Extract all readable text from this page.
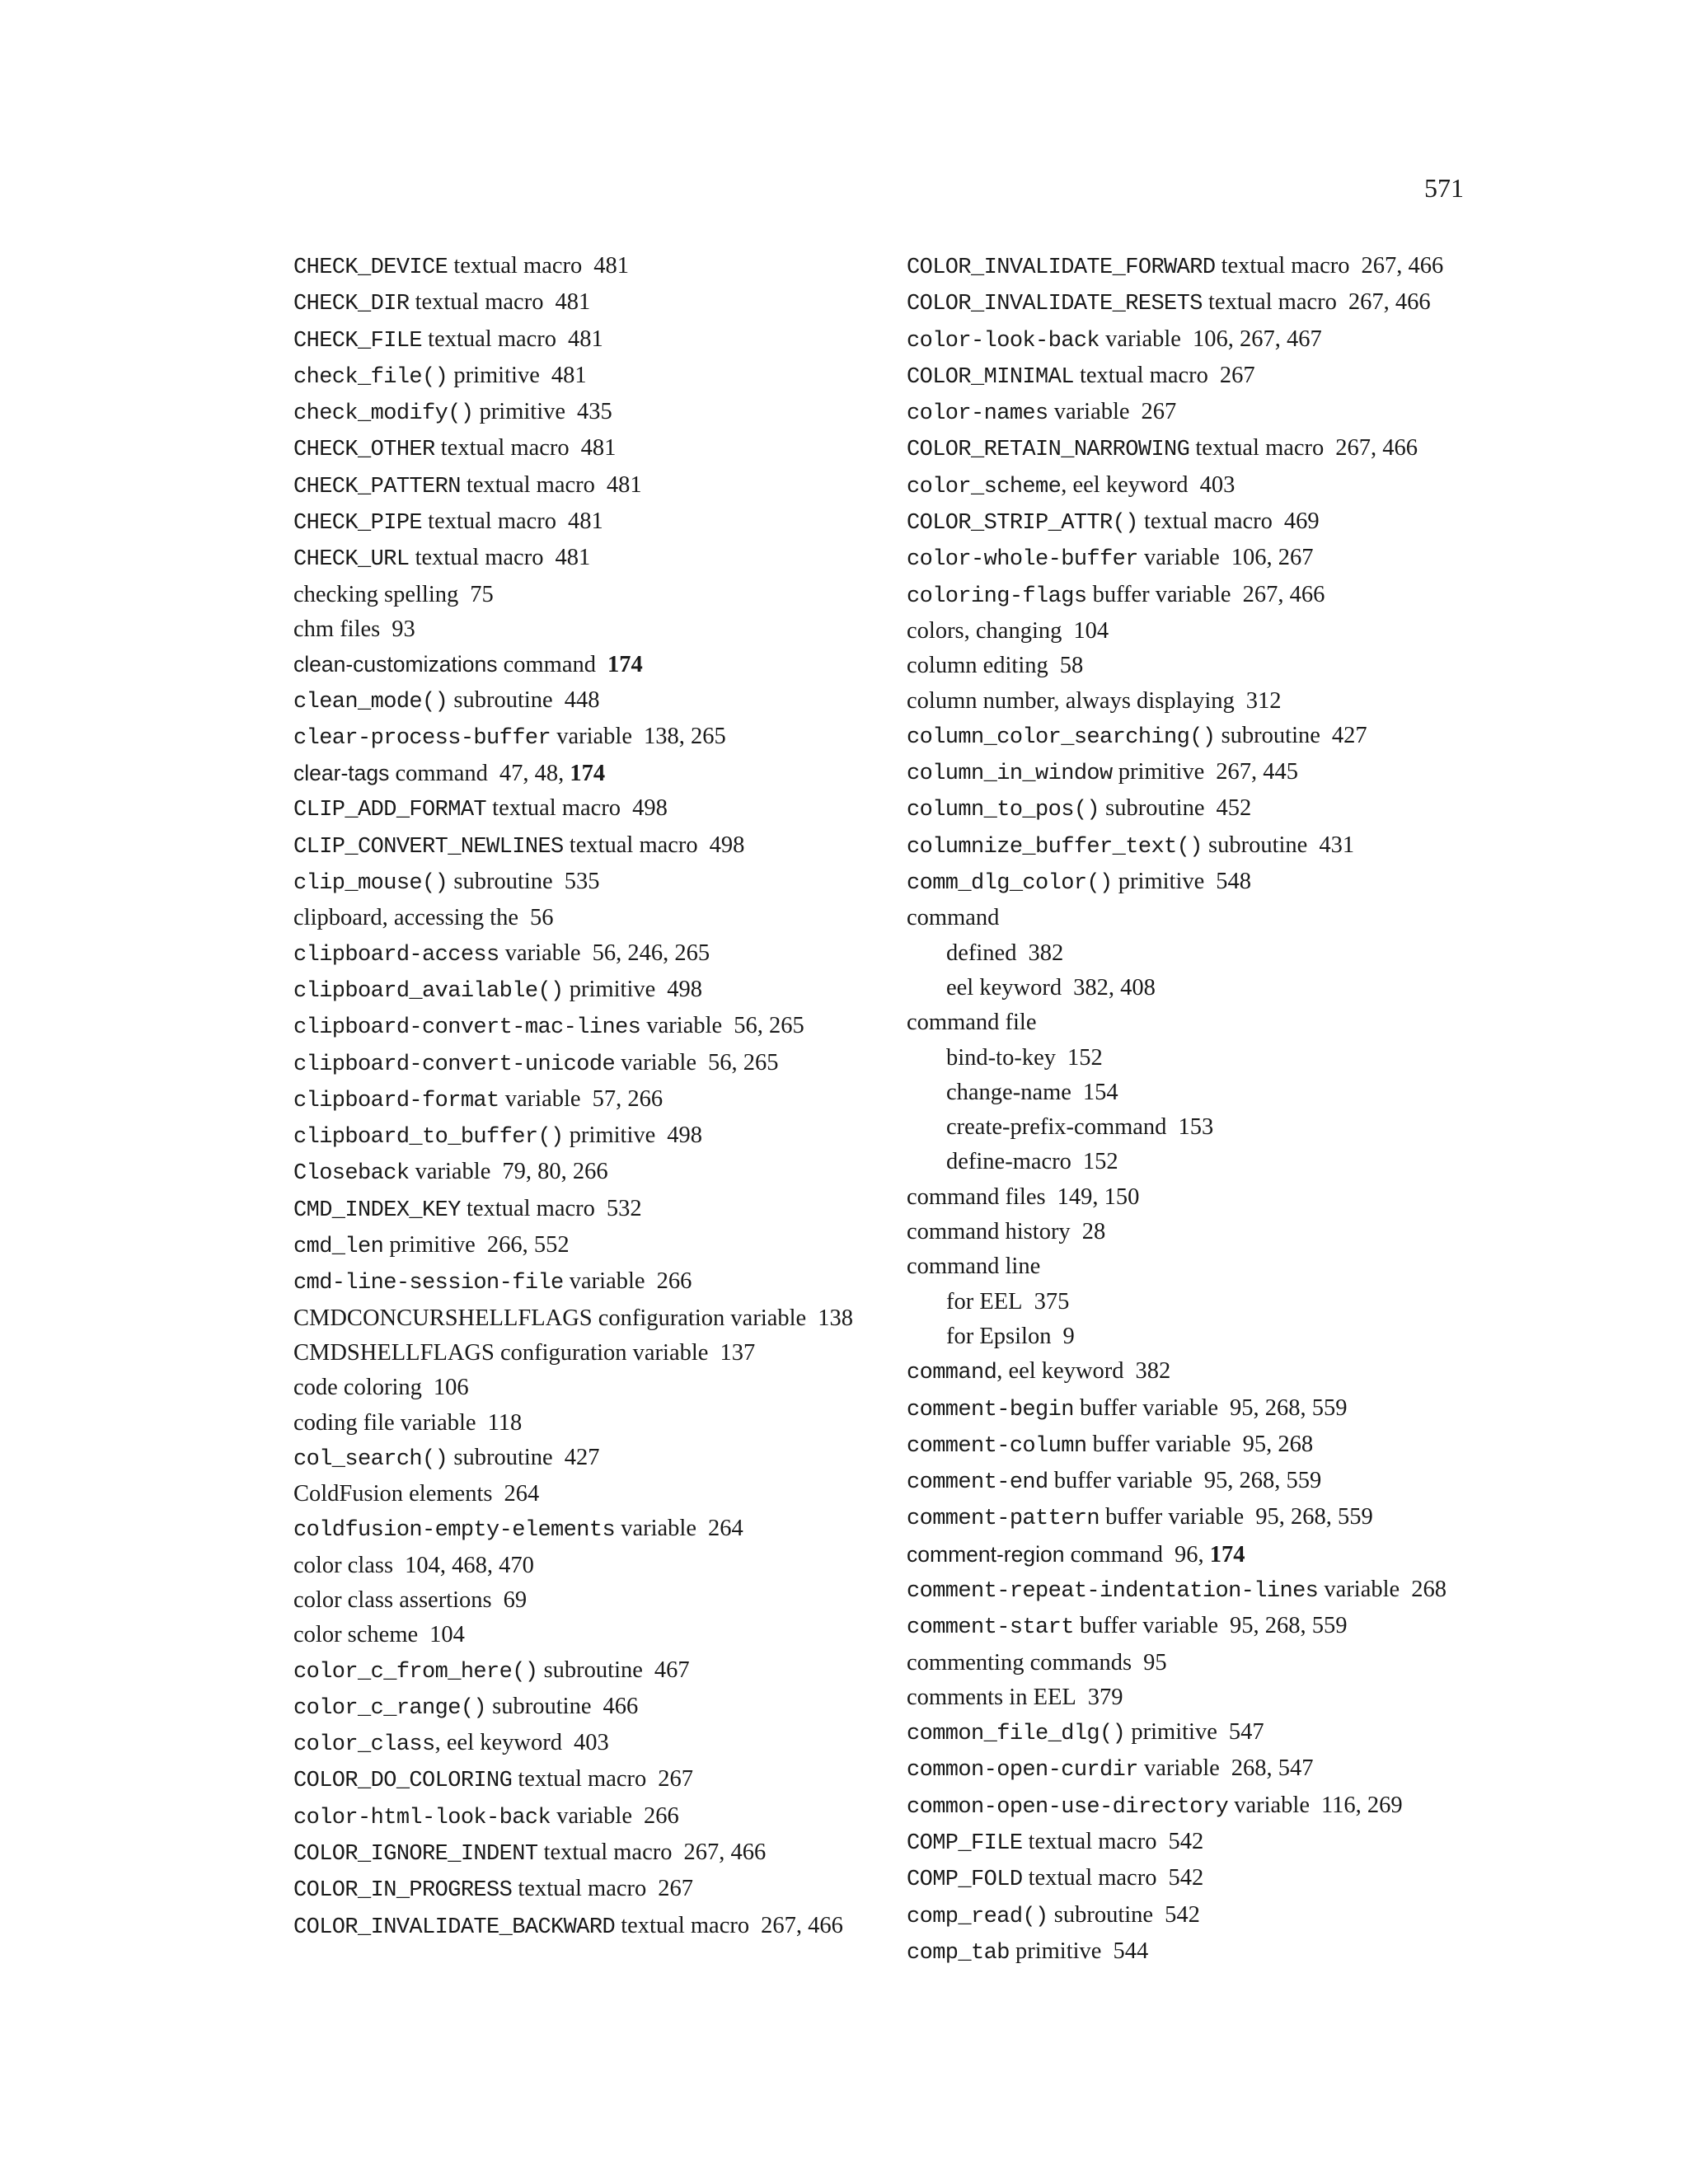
571
CHECK_DEVICE textual macro 481
CHECK_DIR textual macro 481
CHECK_FILE textual macro 481
check_file() primitive 481
check_modify() primitive 435
CHECK_OTHER textual macro 481
CHECK_PATTERN textual macro 481
CHECK_PIPE textual macro 481
CHECK_URL textual macro 481
checking spelling 75
chm files 93
clean-customizations command 174
clean_mode() subroutine 448
clear-process-buffer variable 138, 265
clear-tags command 47, 48, 174
CLIP_ADD_FORMAT textual macro 498
CLIP_CONVERT_NEWLINES textual macro 498
clip_mouse() subroutine 535
clipboard, accessing the 56
clipboard-access variable 56, 246, 265
clipboard_available() primitive 498
clipboard-convert-mac-lines variable 56, 265
clipboard-convert-unicode variable 56, 265
clipboard-format variable 57, 266
clipboard_to_buffer() primitive 498
Closeback variable 79, 80, 266
CMD_INDEX_KEY textual macro 532
cmd_len primitive 266, 552
cmd-line-session-file variable 266
CMDCONCURSHELLFLAGS configuration variable 138
CMDSHELLFLAGS configuration variable 137
code coloring 106
coding file variable 118
col_search() subroutine 427
ColdFusion elements 264
coldfusion-empty-elements variable 264
color class 104, 468, 470
color class assertions 69
color scheme 104
color_c_from_here() subroutine 467
color_c_range() subroutine 466
color_class, eel keyword 403
COLOR_DO_COLORING textual macro 267
color-html-look-back variable 266
COLOR_IGNORE_INDENT textual macro 267, 466
COLOR_IN_PROGRESS textual macro 267
COLOR_INVALIDATE_BACKWARD textual macro 267, 466
COLOR_INVALIDATE_FORWARD textual macro 267, 466
COLOR_INVALIDATE_RESETS textual macro 267, 466
color-look-back variable 106, 267, 467
COLOR_MINIMAL textual macro 267
color-names variable 267
COLOR_RETAIN_NARROWING textual macro 267, 466
color_scheme, eel keyword 403
COLOR_STRIP_ATTR() textual macro 469
color-whole-buffer variable 106, 267
coloring-flags buffer variable 267, 466
colors, changing 104
column editing 58
column number, always displaying 312
column_color_searching() subroutine 427
column_in_window primitive 267, 445
column_to_pos() subroutine 452
columnize_buffer_text() subroutine 431
comm_dlg_color() primitive 548
command
defined 382
eel keyword 382, 408
command file
bind-to-key 152
change-name 154
create-prefix-command 153
define-macro 152
command files 149, 150
command history 28
command line
for EEL 375
for Epsilon 9
command, eel keyword 382
comment-begin buffer variable 95, 268, 559
comment-column buffer variable 95, 268
comment-end buffer variable 95, 268, 559
comment-pattern buffer variable 95, 268, 559
comment-region command 96, 174
comment-repeat-indentation-lines variable 268
comment-start buffer variable 95, 268, 559
commenting commands 95
comments in EEL 379
common_file_dlg() primitive 547
common-open-curdir variable 268, 547
common-open-use-directory variable 116, 269
COMP_FILE textual macro 542
COMP_FOLD textual macro 542
comp_read() subroutine 542
comp_tab primitive 544
